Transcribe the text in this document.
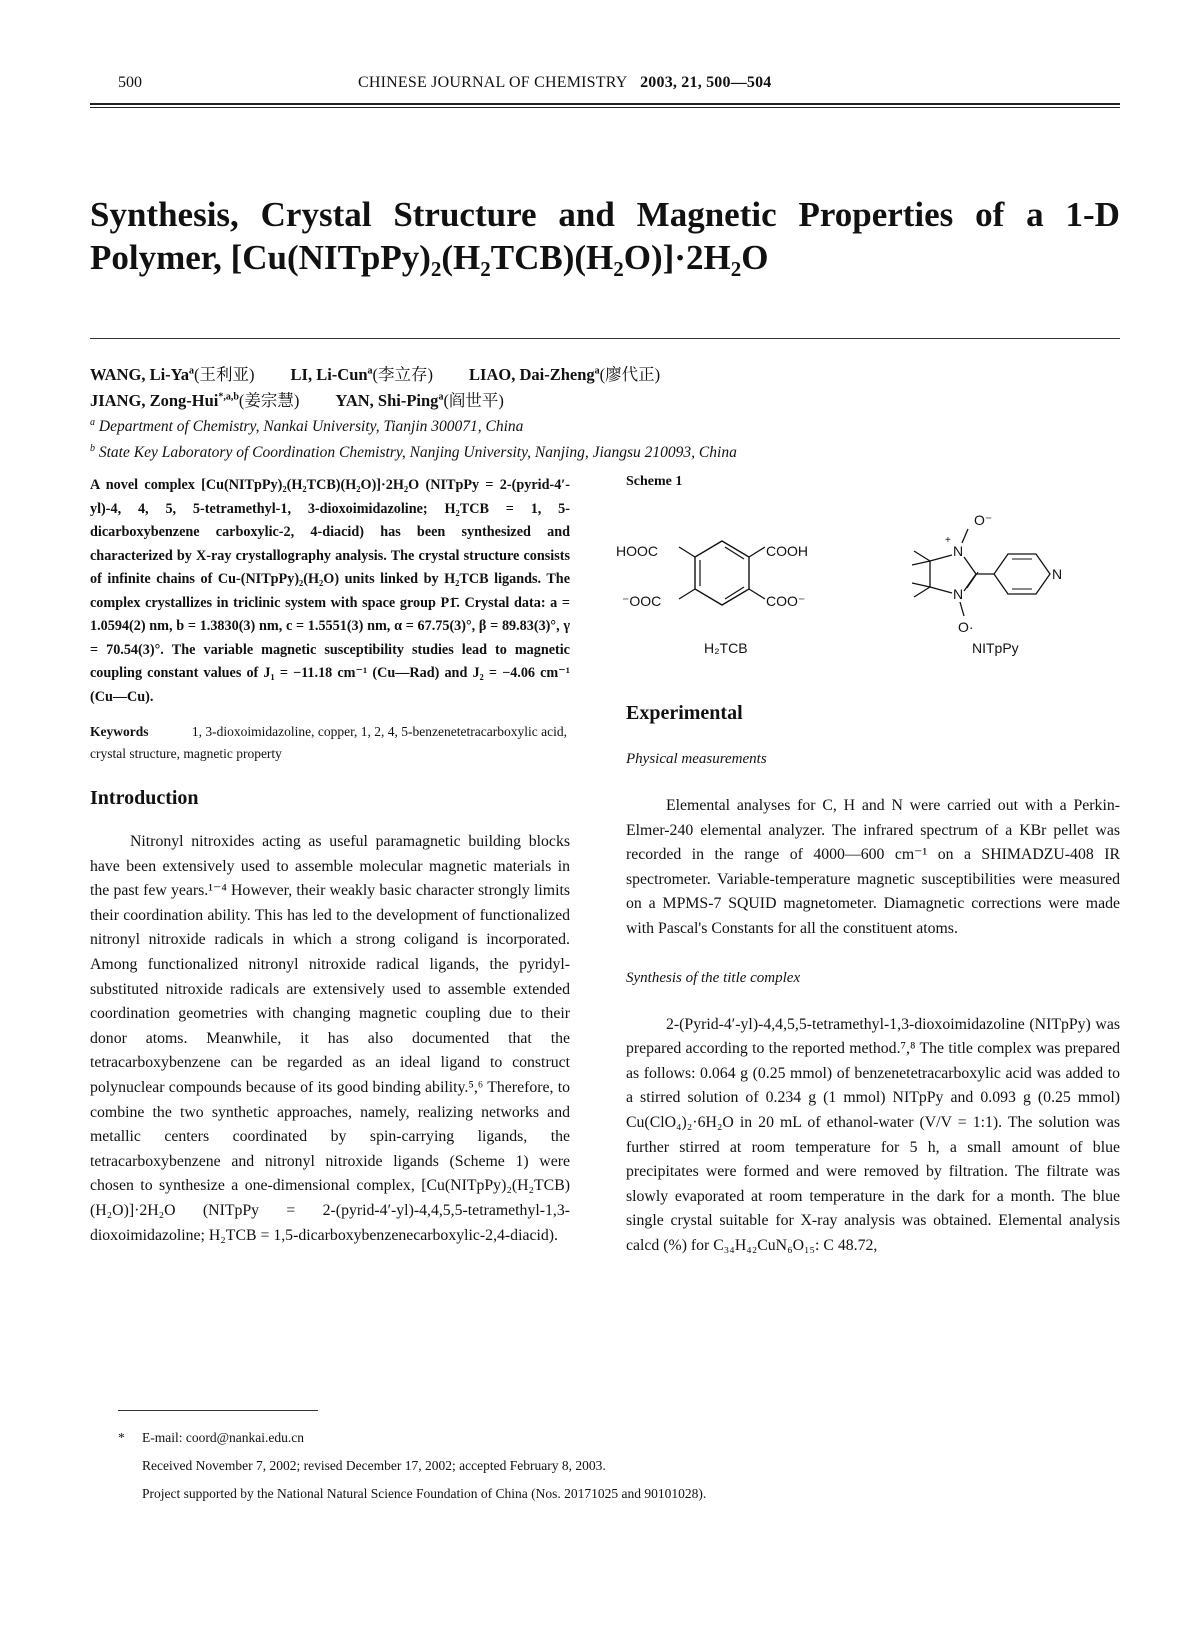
500	CHINESE JOURNAL OF CHEMISTRY 2003, 21, 500—504
Synthesis, Crystal Structure and Magnetic Properties of a 1-D
Polymer, [Cu(NITpPy)₂(H₂TCB)(H₂O)]·2H₂O
WANG, Li-Ya$^a$(王利亚) LI, Li-Cun$^a$(李立存) LIAO, Dai-Zheng$^a$(廖代正)
JIANG, Zong-Hui$^{*,a,b}$(姜宗慧) YAN, Shi-Ping$^a$(阎世平)
$^a$ Department of Chemistry, Nankai University, Tianjin 300071, China
$^b$ State Key Laboratory of Coordination Chemistry, Nanjing University, Nanjing, Jiangsu 210093, China
A novel complex [Cu(NITpPy)₂(H₂TCB)(H₂O)]·2H₂O (NITpPy = 2-(pyrid-4′-yl)-4, 4, 5, 5-tetramethyl-1, 3-dioxoimidazoline; H₂TCB = 1, 5-dicarboxybenzene carboxylic-2, 4-diacid) has been synthesized and characterized by X-ray crystallography analysis. The crystal structure consists of infinite chains of Cu-(NITpPy)₂(H₂O) units linked by H₂TCB ligands. The complex crystallizes in triclinic system with space group P1̄. Crystal data: a = 1.0594(2) nm, b = 1.3830(3) nm, c = 1.5551(3) nm, α = 67.75(3)°, β = 89.83(3)°, γ = 70.54(3)°. The variable magnetic susceptibility studies lead to magnetic coupling constant values of J₁ = −11.18 cm⁻¹ (Cu—Rad) and J₂ = −4.06 cm⁻¹ (Cu—Cu).
Keywords	1, 3-dioxoimidazoline, copper, 1, 2, 4, 5-benzenetetracarboxylic acid, crystal structure, magnetic property
Introduction

Nitronyl nitroxides acting as useful paramagnetic building blocks have been extensively used to assemble molecular magnetic materials in the past few years.¹⁻⁴ However, their weakly basic character strongly limits their coordination ability. This has led to the development of functionalized nitronyl nitroxide radicals in which a strong coligand is incorporated. Among functionalized nitronyl nitroxide radical ligands, the pyridyl-substituted nitroxide radicals are extensively used to assemble extended coordination geometries with changing magnetic coupling due to their donor atoms. Meanwhile, it has also documented that the tetracarboxybenzene can be regarded as an ideal ligand to construct polynuclear compounds because of its good binding ability.⁵,⁶ Therefore, to combine the two synthetic approaches, namely, realizing networks and metallic centers coordinated by spin-carrying ligands, the tetracarboxybenzene and nitronyl nitroxide ligands (Scheme 1) were chosen to synthesize a one-dimensional complex, [Cu(NITpPy)₂(H₂TCB)(H₂O)]·2H₂O (NITpPy = 2-(pyrid-4′-yl)-4,4,5,5-tetramethyl-1,3-dioxoimidazoline; H₂TCB = 1,5-dicarboxybenzenecarboxylic-2,4-diacid).

Scheme 1
HOOC	COOH
⁻OOC	COO⁻
H₂TCB
O⁻
+
N
N
O·
N
NITpPy
Experimental
Physical measurements

Elemental analyses for C, H and N were carried out with a Perkin-Elmer-240 elemental analyzer. The infrared spectrum of a KBr pellet was recorded in the range of 4000—600 cm⁻¹ on a SHIMADZU-408 IR spectrometer. Variable-temperature magnetic susceptibilities were measured on a MPMS-7 SQUID magnetometer. Diamagnetic corrections were made with Pascal's Constants for all the constituent atoms.

Synthesis of the title complex

2-(Pyrid-4′-yl)-4,4,5,5-tetramethyl-1,3-dioxoimidazoline (NITpPy) was prepared according to the reported method.⁷,⁸ The title complex was prepared as follows: 0.064 g (0.25 mmol) of benzenetetracarboxylic acid was added to a stirred solution of 0.234 g (1 mmol) NITpPy and 0.093 g (0.25 mmol) Cu(ClO₄)₂·6H₂O in 20 mL of ethanol-water (V/V = 1:1). The solution was further stirred at room temperature for 5 h, a small amount of blue precipitates were formed and were removed by filtration. The filtrate was slowly evaporated at room temperature in the dark for a month. The blue single crystal suitable for X-ray analysis was obtained. Elemental analysis calcd (%) for C₃₄H₄₂CuN₆O₁₅: C 48.72,

* E-mail: coord@nankai.edu.cn
Received November 7, 2002; revised December 17, 2002; accepted February 8, 2003.
Project supported by the National Natural Science Foundation of China (Nos. 20171025 and 90101028).
